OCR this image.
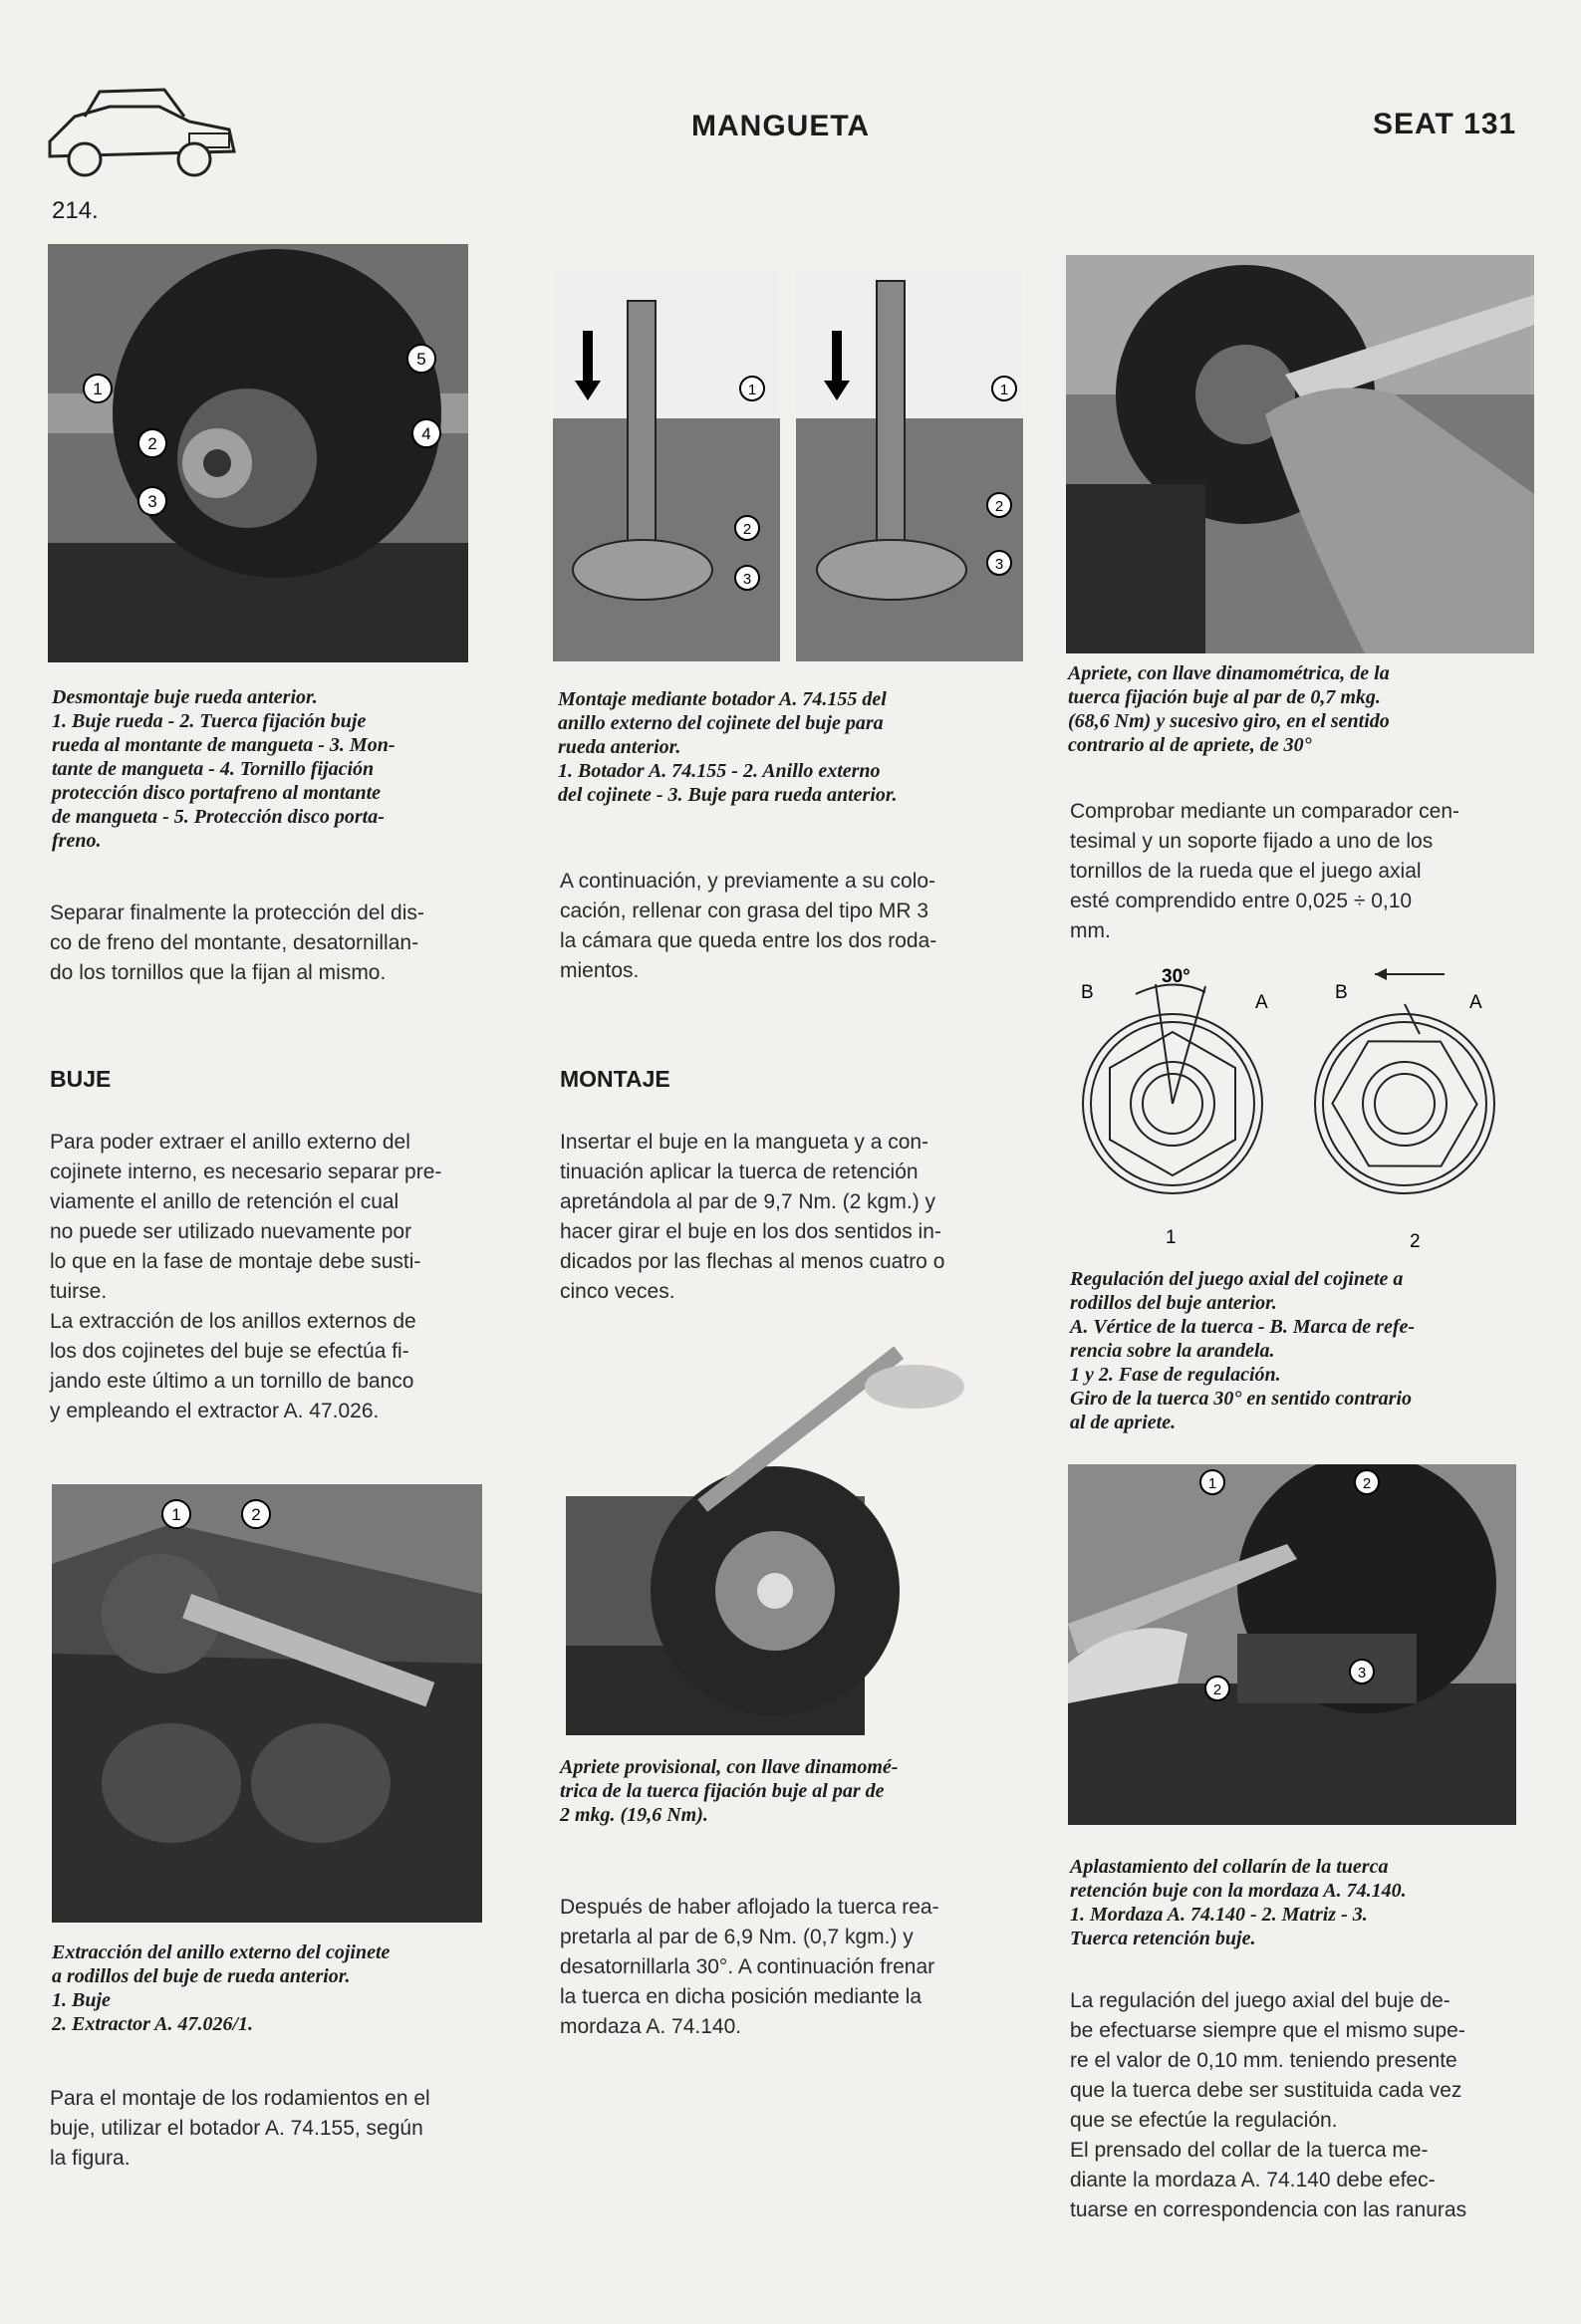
214.
MANGUETA	SEAT 131
1
2
3
4
5
Desmontaje buje rueda anterior.
1. Buje rueda - 2. Tuerca fijación buje
rueda al montante de mangueta - 3. Mon-
tante de mangueta - 4. Tornillo fijación
protección disco portafreno al montante
de mangueta - 5. Protección disco porta-
freno.
Separar finalmente la protección del dis-
co de freno del montante, desatornillan-
do los tornillos que la fijan al mismo.
BUJE
Para poder extraer el anillo externo del
cojinete interno, es necesario separar pre-
viamente el anillo de retención el cual
no puede ser utilizado nuevamente por
lo que en la fase de montaje debe susti-
tuirse.
La extracción de los anillos externos de
los dos cojinetes del buje se efectúa fi-
jando este último a un tornillo de banco
y empleando el extractor A. 47.026.
1	2
Extracción del anillo externo del cojinete
a rodillos del buje de rueda anterior.
1. Buje
2. Extractor A. 47.026/1.
Para el montaje de los rodamientos en el
buje, utilizar el botador A. 74.155, según
la figura.
1	1
2
3
2
3
Montaje mediante botador A. 74.155 del
anillo externo del cojinete del buje para
rueda anterior.
1. Botador A. 74.155 - 2. Anillo externo
del cojinete - 3. Buje para rueda anterior.
A continuación, y previamente a su colo-
cación, rellenar con grasa del tipo MR 3
la cámara que queda entre los dos roda-
mientos.
MONTAJE
Insertar el buje en la mangueta y a con-
tinuación aplicar la tuerca de retención
apretándola al par de 9,7 Nm. (2 kgm.) y
hacer girar el buje en los dos sentidos in-
dicados por las flechas al menos cuatro o
cinco veces.
Apriete provisional, con llave dinamomé-
trica de la tuerca fijación buje al par de
2 mkg. (19,6 Nm).
Después de haber aflojado la tuerca rea-
pretarla al par de 6,9 Nm. (0,7 kgm.) y
desatornillarla 30°. A continuación frenar
la tuerca en dicha posición mediante la
mordaza A. 74.140.
Apriete, con llave dinamométrica, de la
tuerca fijación buje al par de 0,7 mkg.
(68,6 Nm) y sucesivo giro, en el sentido
contrario al de apriete, de 30°
Comprobar mediante un comparador cen-
tesimal y un soporte fijado a uno de los
tornillos de la rueda que el juego axial
esté comprendido entre 0,025 ÷ 0,10
mm.
30°
B	A	B	A
1	2
Regulación del juego axial del cojinete a
rodillos del buje anterior.
A. Vértice de la tuerca - B. Marca de refe-
rencia sobre la arandela.
1 y 2. Fase de regulación.
Giro de la tuerca 30° en sentido contrario
al de apriete.
1	2
2
3
Aplastamiento del collarín de la tuerca
retención buje con la mordaza A. 74.140.
1. Mordaza A. 74.140 - 2. Matriz - 3.
Tuerca retención buje.
La regulación del juego axial del buje de-
be efectuarse siempre que el mismo supe-
re el valor de 0,10 mm. teniendo presente
que la tuerca debe ser sustituida cada vez
que se efectúe la regulación.
El prensado del collar de la tuerca me-
diante la mordaza A. 74.140 debe efec-
tuarse en correspondencia con las ranuras
